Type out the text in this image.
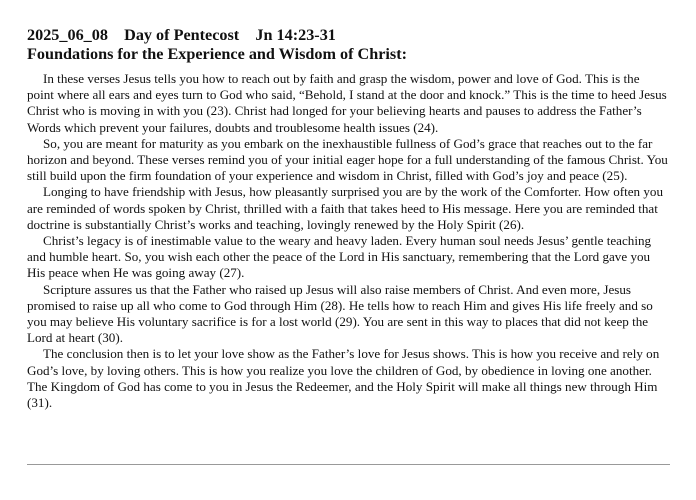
2025_06_08 Day of Pentecost Jn 14:23-31
Foundations for the Experience and Wisdom of Christ:

In these verses Jesus tells you how to reach out by faith and grasp the wisdom, power and love of God. This is the point where all ears and eyes turn to God who said, “Behold, I stand at the door and knock.” This is the time to heed Jesus Christ who is moving in with you (23). Christ had longed for your believing hearts and pauses to address the Father’s Words which prevent your failures, doubts and troublesome health issues (24).

So, you are meant for maturity as you embark on the inexhaustible fullness of God’s grace that reaches out to the far horizon and beyond. These verses remind you of your initial eager hope for a full understanding of the famous Christ. You still build upon the firm foundation of your experience and wisdom in Christ, filled with God’s joy and peace (25).

Longing to have friendship with Jesus, how pleasantly surprised you are by the work of the Comforter. How often you are reminded of words spoken by Christ, thrilled with a faith that takes heed to His message. Here you are reminded that doctrine is substantially Christ’s works and teaching, lovingly renewed by the Holy Spirit (26).

Christ’s legacy is of inestimable value to the weary and heavy laden. Every human soul needs Jesus’ gentle teaching and humble heart. So, you wish each other the peace of the Lord in His sanctuary, remembering that the Lord gave you His peace when He was going away (27).

Scripture assures us that the Father who raised up Jesus will also raise members of Christ. And even more, Jesus promised to raise up all who come to God through Him (28). He tells how to reach Him and gives His life freely and so you may believe His voluntary sacrifice is for a lost world (29). You are sent in this way to places that did not keep the Lord at heart (30).

The conclusion then is to let your love show as the Father’s love for Jesus shows. This is how you receive and rely on God’s love, by loving others. This is how you realize you love the children of God, by obedience in loving one another. The Kingdom of God has come to you in Jesus the Redeemer, and the Holy Spirit will make all things new through Him (31).
